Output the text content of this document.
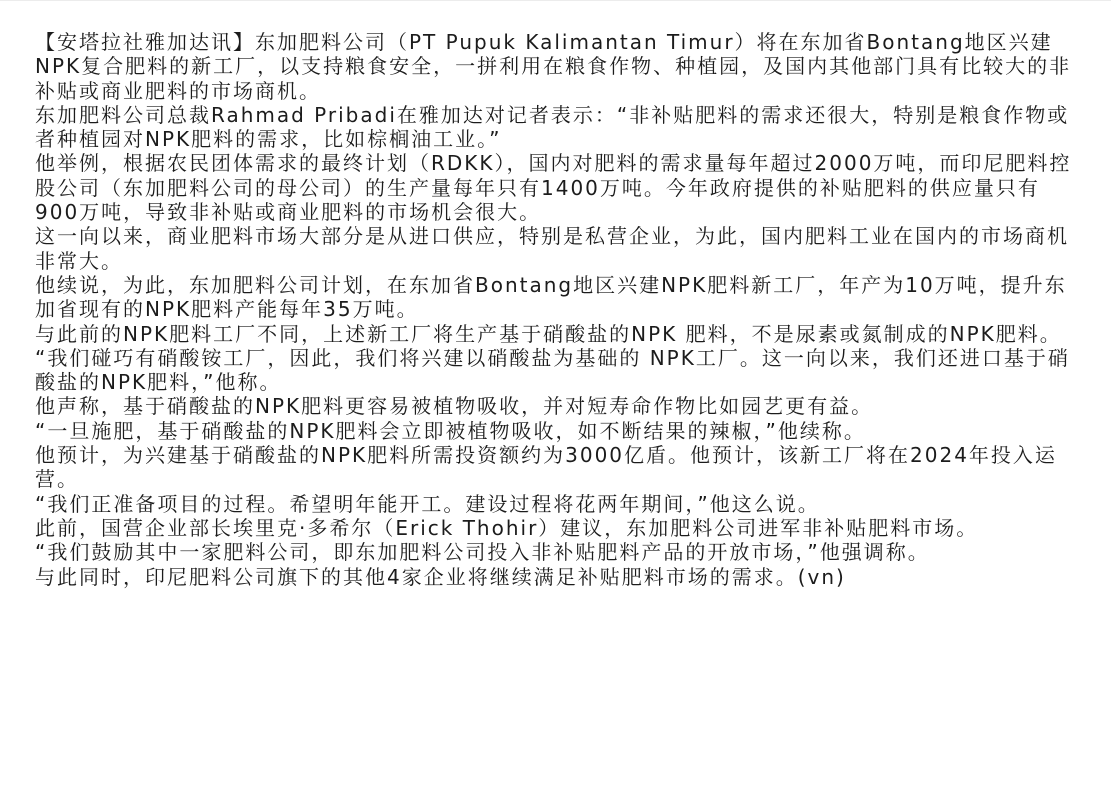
【安塔拉社雅加达讯】东加肥料公司（PT Pupuk Kalimantan Timur）将在东加省Bontang地区兴建NPK复合肥料的新工厂，以支持粮食安全，一拼利用在粮食作物、种植园，及国内其他部门具有比较大的非补贴或商业肥料的市场商机。

东加肥料公司总裁Rahmad Pribadi在雅加达对记者表示：“非补贴肥料的需求还很大，特别是粮食作物或者种植园对NPK肥料的需求，比如棕榈油工业。”

他举例，根据农民团体需求的最终计划（RDKK），国内对肥料的需求量每年超过2000万吨，而印尼肥料控股公司（东加肥料公司的母公司）的生产量每年只有1400万吨。今年政府提供的补贴肥料的供应量只有900万吨，导致非补贴或商业肥料的市场机会很大。

这一向以来，商业肥料市场大部分是从进口供应，特别是私营企业，为此，国内肥料工业在国内的市场商机非常大。

他续说，为此，东加肥料公司计划，在东加省Bontang地区兴建NPK肥料新工厂，年产为10万吨，提升东加省现有的NPK肥料产能每年35万吨。

与此前的NPK肥料工厂不同，上述新工厂将生产基于硝酸盐的NPK 肥料，不是尿素或氮制成的NPK肥料。

“我们碰巧有硝酸铵工厂，因此，我们将兴建以硝酸盐为基础的 NPK工厂。这一向以来，我们还进口基于硝酸盐的NPK肥料，”他称。

他声称，基于硝酸盐的NPK肥料更容易被植物吸收，并对短寿命作物比如园艺更有益。

“一旦施肥，基于硝酸盐的NPK肥料会立即被植物吸收，如不断结果的辣椒，”他续称。

他预计，为兴建基于硝酸盐的NPK肥料所需投资额约为3000亿盾。他预计，该新工厂将在2024年投入运营。

“我们正准备项目的过程。希望明年能开工。建设过程将花两年期间，”他这么说。

此前，国营企业部长埃里克·多希尔（Erick Thohir）建议，东加肥料公司进军非补贴肥料市场。

“我们鼓励其中一家肥料公司，即东加肥料公司投入非补贴肥料产品的开放市场，”他强调称。

与此同时，印尼肥料公司旗下的其他4家企业将继续满足补贴肥料市场的需求。(vn)
